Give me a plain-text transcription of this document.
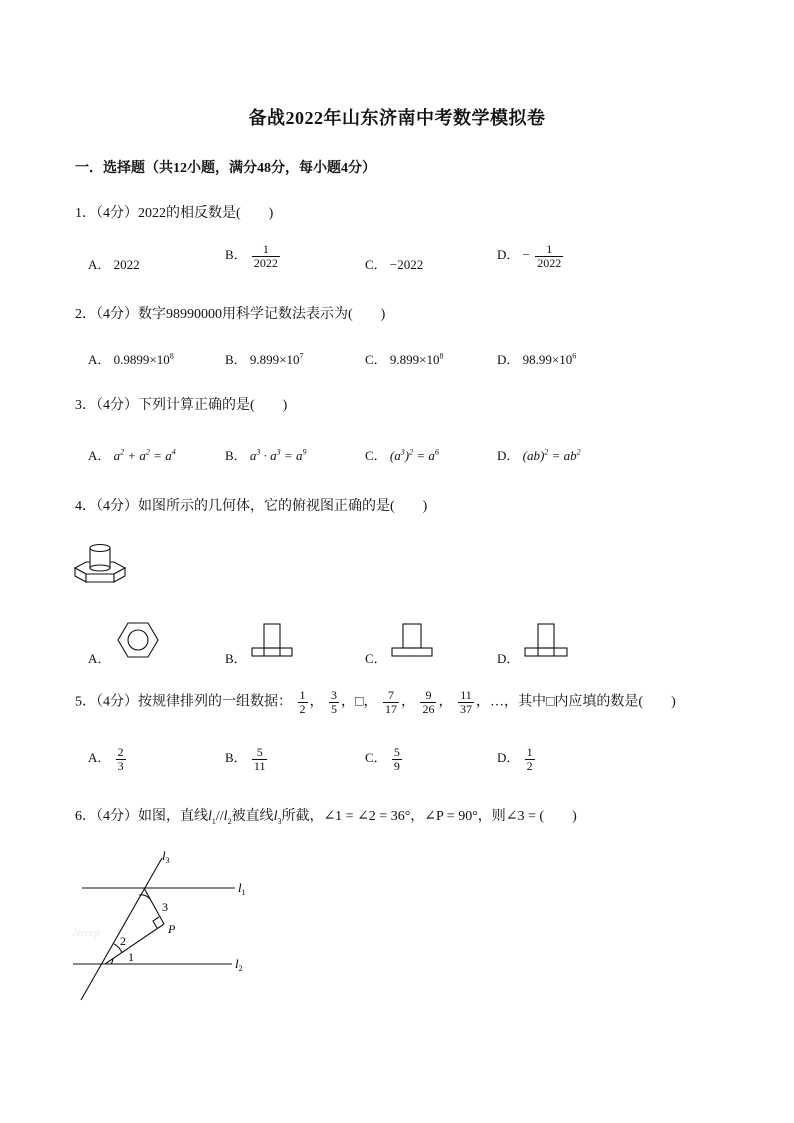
备战2022年山东济南中考数学模拟卷
一．选择题（共12小题，满分48分，每小题4分）
1．（4分）2022的相反数是(　　)
A． 2022
B． $\frac{1}{2022}$	C． −2022
D． − $\frac{1}{2022}$
2．（4分）数字98990000用科学记数法表示为(　　)
A． $0.9899\times 10^8$	B． $9.899\times 10^7$	C． $9.899\times 10^8$	D． $98.99\times 10^6$
3．（4分）下列计算正确的是(　　)
A． $a^2 + a^2 = a^4$	B． $a^3 \cdot a^3 = a^9$	C． $(a^3)^2 = a^6$	D． $(ab)^2 = ab^2$
4．（4分）如图所示的几何体，它的俯视图正确的是(　　)
A．	B．	C．	D．
5．（4分）按规律排列的一组数据： $\frac{1}{2}$ ， $\frac{3}{5}$ ，□， $\frac{7}{17}$ ， $\frac{9}{26}$ ， $\frac{11}{37}$ ，…，其中□内应填的数是(　　)
A． $\frac{2}{3}$	B． $\frac{5}{11}$	C． $\frac{5}{9}$	D． $\frac{1}{2}$
6．（4分）如图，直线$l_1//l_2$被直线$l_3$所截，∠1 = ∠2 = 36°，∠P = 90°，则∠3 = (　　)
$l_3$
$l_1$
$l_2$
3
P
2
1
Jeeeep
